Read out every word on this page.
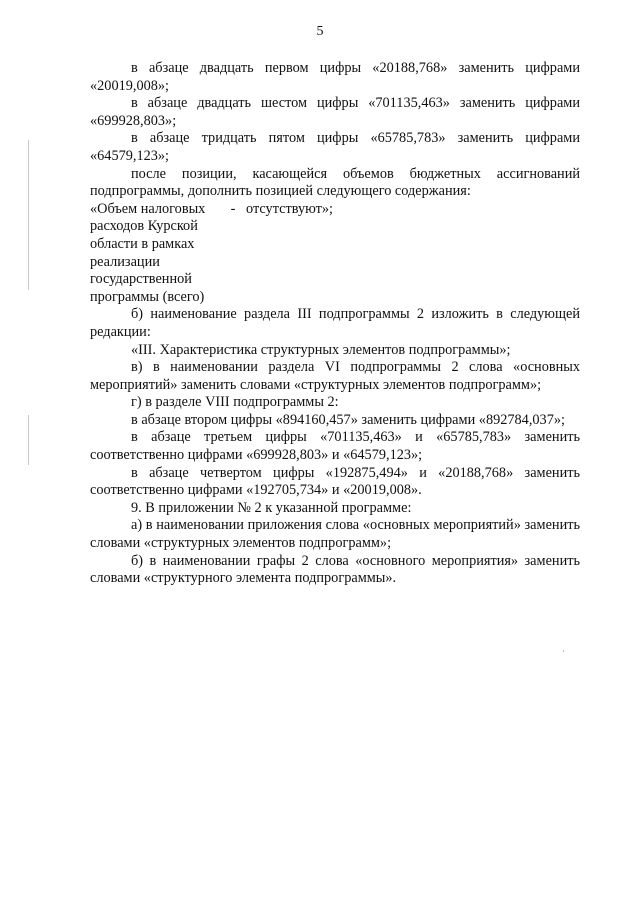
5

в абзаце двадцать первом цифры «20188,768» заменить цифрами «20019,008»;

в абзаце двадцать шестом цифры «701135,463» заменить цифрами «699928,803»;

в абзаце тридцать пятом цифры «65785,783» заменить цифрами «64579,123»;

после позиции, касающейся объемов бюджетных ассигнований подпрограммы, дополнить позицией следующего содержания:

«Объем налоговых
расходов Курской
области в рамках
реализации
государственной
программы (всего)
- отсутствуют»;

б) наименование раздела III подпрограммы 2 изложить в следующей редакции:

«III. Характеристика структурных элементов подпрограммы»;

в) в наименовании раздела VI подпрограммы 2 слова «основных мероприятий» заменить словами «структурных элементов подпрограмм»;

г) в разделе VIII подпрограммы 2:

в абзаце втором цифры «894160,457» заменить цифрами «892784,037»;

в абзаце третьем цифры «701135,463» и «65785,783» заменить соответственно цифрами «699928,803» и «64579,123»;

в абзаце четвертом цифры «192875,494» и «20188,768» заменить соответственно цифрами «192705,734» и «20019,008».

9. В приложении № 2 к указанной программе:

а) в наименовании приложения слова «основных мероприятий» заменить словами «структурных элементов подпрограмм»;

б) в наименовании графы 2 слова «основного мероприятия» заменить словами «структурного элемента подпрограммы».
